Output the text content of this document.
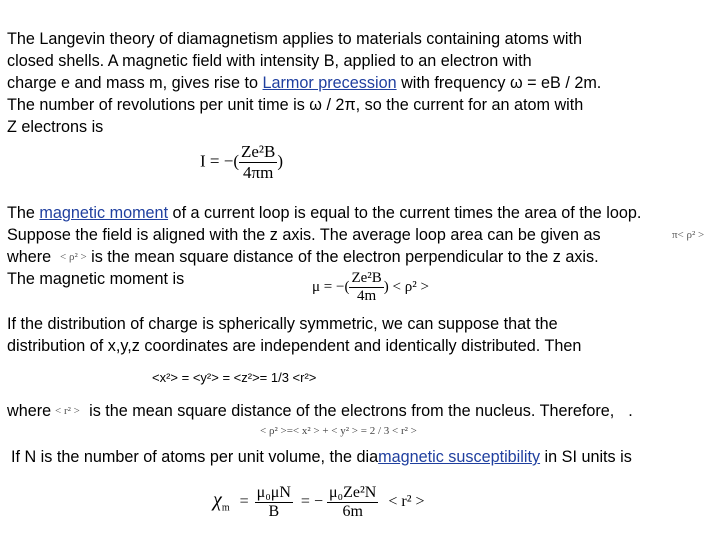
The Langevin theory of diamagnetism applies to materials containing atoms with

closed shells. A magnetic field with intensity B, applied to an electron with

charge e and mass m, gives rise to Larmor precession with frequency ω = eB / 2m.

The number of revolutions per unit time is ω / 2π, so the current for an atom with

Z electrons is

I = −( $\frac{\text{Ze²B}}{4\pi m}$ )

The magnetic moment of a current loop is equal to the current times the area of the loop.

Suppose the field is aligned with the z axis. The average loop area can be given as

where is the mean square distance of the electron perpendicular to the z axis.

The magnetic moment is

π< ρ² >
< ρ² >
μ = −( $\frac{\text{Ze²B}}{4m}$ ) < ρ² >

If the distribution of charge is spherically symmetric, we can suppose that the

distribution of x,y,z coordinates are independent and identically distributed. Then

<x²> = <y²> = <z²>= 1/3 <r²>

where is the mean square distance of the electrons from the nucleus. Therefore, .

< r² >
< ρ² >=< x² > + < y² > = 2 / 3 < r² >

If N is the number of atoms per unit volume, the diamagnetic susceptibility in SI units is

$\chi_m = \frac{\text{μ₀μN}}{B}$ = − $\frac{\text{μ₀Ze²N}}{6m} < r^2$ >
